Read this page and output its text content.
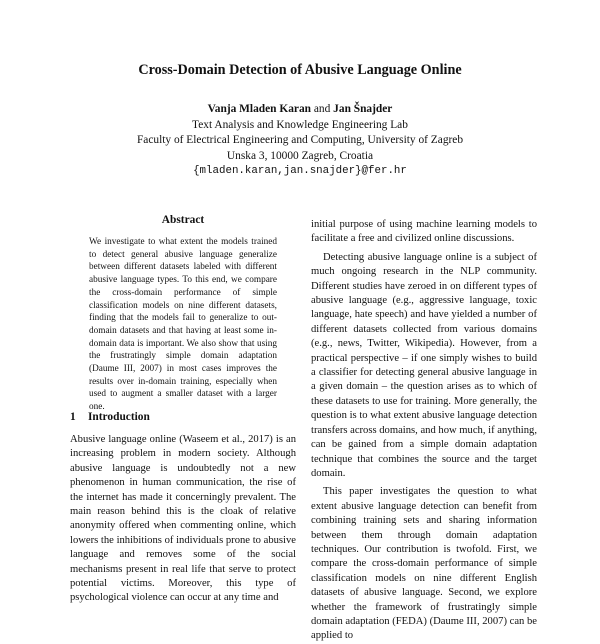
Cross-Domain Detection of Abusive Language Online
Vanja Mladen Karan and Jan Šnajder
Text Analysis and Knowledge Engineering Lab
Faculty of Electrical Engineering and Computing, University of Zagreb
Unska 3, 10000 Zagreb, Croatia
{mladen.karan,jan.snajder}@fer.hr
Abstract
We investigate to what extent the models trained to detect general abusive language generalize between different datasets labeled with different abusive language types. To this end, we compare the cross-domain performance of simple classification models on nine different datasets, finding that the models fail to generalize to out-domain datasets and that having at least some in-domain data is important. We also show that using the frustratingly simple domain adaptation (Daume III, 2007) in most cases improves the results over in-domain training, especially when used to augment a smaller dataset with a larger one.
1 Introduction

Abusive language online (Waseem et al., 2017) is an increasing problem in modern society. Although abusive language is undoubtedly not a new phenomenon in human communication, the rise of the internet has made it concerningly prevalent. The main reason behind this is the cloak of relative anonymity offered when commenting online, which lowers the inhibitions of individuals prone to abusive language and removes some of the social mechanisms present in real life that serve to protect potential victims. Moreover, this type of psychological violence can occur at any time and

initial purpose of using machine learning models to facilitate a free and civilized online discussions.

Detecting abusive language online is a subject of much ongoing research in the NLP community. Different studies have zeroed in on different types of abusive language (e.g., aggressive language, toxic language, hate speech) and have yielded a number of different datasets collected from various domains (e.g., news, Twitter, Wikipedia). However, from a practical perspective – if one simply wishes to build a classifier for detecting general abusive language in a given domain – the question arises as to which of these datasets to use for training. More generally, the question is to what extent abusive language detection transfers across domains, and how much, if anything, can be gained from a simple domain adaptation technique that combines the source and the target domain.

This paper investigates the question to what extent abusive language detection can benefit from combining training sets and sharing information between them through domain adaptation techniques. Our contribution is twofold. First, we compare the cross-domain performance of simple classification models on nine different English datasets of abusive language. Second, we explore whether the framework of frustratingly simple domain adaptation (FEDA) (Daume III, 2007) can be applied to
